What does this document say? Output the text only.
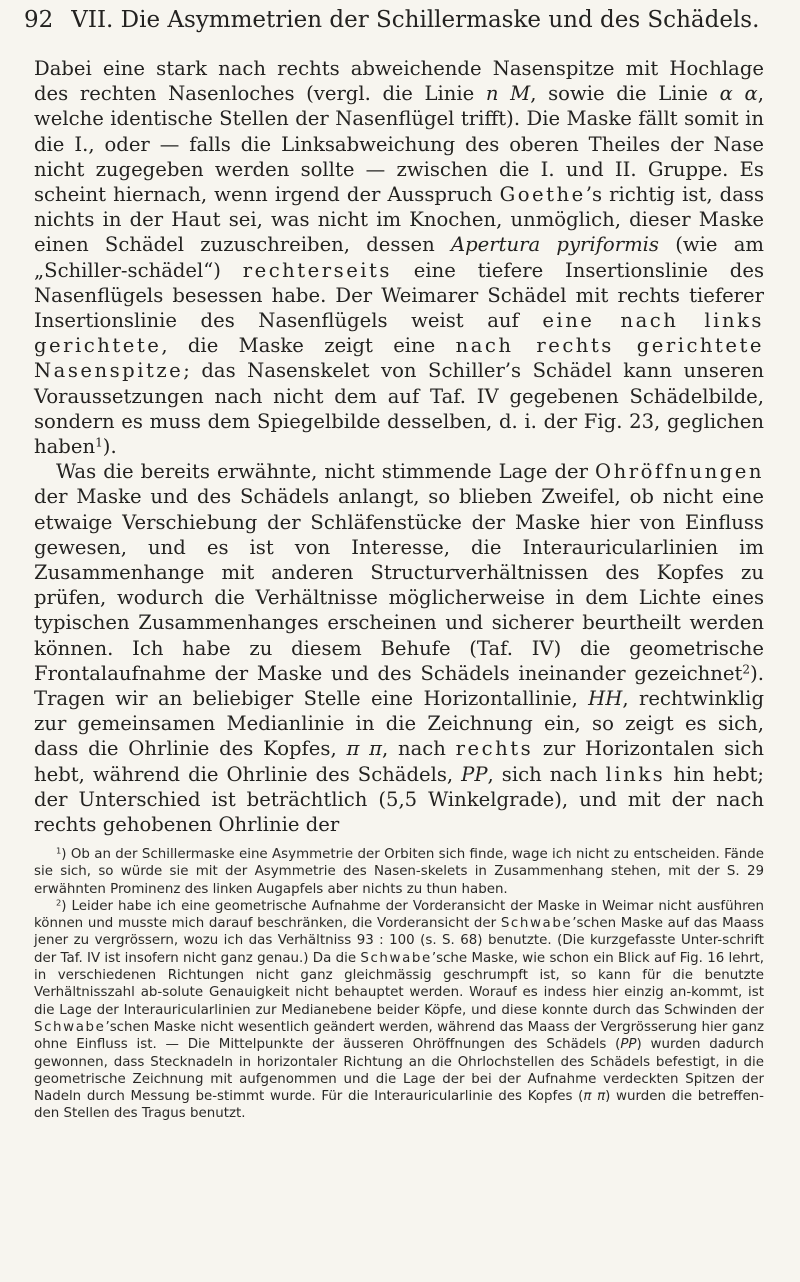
92 VII. Die Asymmetrien der Schillermaske und des Schädels.

Dabei eine stark nach rechts abweichende Nasenspitze mit Hochlage des rechten Nasenloches (vergl. die Linie n M, sowie die Linie α α, welche identische Stellen der Nasenflügel trifft). Die Maske fällt somit in die I., oder — falls die Linksabweichung des oberen Theiles der Nase nicht zugegeben werden sollte — zwischen die I. und II. Gruppe. Es scheint hiernach, wenn irgend der Ausspruch Goethe’s richtig ist, dass nichts in der Haut sei, was nicht im Knochen, unmöglich, dieser Maske einen Schädel zuzuschreiben, dessen Apertura pyriformis (wie am „Schiller-schädel“) rechterseits eine tiefere Insertionslinie des Nasenflügels besessen habe. Der Weimarer Schädel mit rechts tieferer Insertionslinie des Nasenflügels weist auf eine nach links gerichtete, die Maske zeigt eine nach rechts gerichtete Nasenspitze; das Nasenskelet von Schiller’s Schädel kann unseren Voraussetzungen nach nicht dem auf Taf. IV gegebenen Schädelbilde, sondern es muss dem Spiegelbilde desselben, d. i. der Fig. 23, geglichen haben$^1$).

Was die bereits erwähnte, nicht stimmende Lage der Ohröffnungen der Maske und des Schädels anlangt, so blieben Zweifel, ob nicht eine etwaige Verschiebung der Schläfenstücke der Maske hier von Einfluss gewesen, und es ist von Interesse, die Interauricularlinien im Zusammenhange mit anderen Structurverhältnissen des Kopfes zu prüfen, wodurch die Verhältnisse möglicherweise in dem Lichte eines typischen Zusammenhanges erscheinen und sicherer beurtheilt werden können. Ich habe zu diesem Behufe (Taf. IV) die geometrische Frontalaufnahme der Maske und des Schädels ineinander gezeichnet$^2$). Tragen wir an beliebiger Stelle eine Horizontallinie, HH, rechtwinklig zur gemeinsamen Medianlinie in die Zeichnung ein, so zeigt es sich, dass die Ohrlinie des Kopfes, π π, nach rechts zur Horizontalen sich hebt, während die Ohrlinie des Schädels, PP, sich nach links hin hebt; der Unterschied ist beträchtlich (5,5 Winkelgrade), und mit der nach rechts gehobenen Ohrlinie der

$^1$) Ob an der Schillermaske eine Asymmetrie der Orbiten sich finde, wage ich nicht zu entscheiden. Fände sie sich, so würde sie mit der Asymmetrie des Nasen-skelets in Zusammenhang stehen, mit der S. 29 erwähnten Prominenz des linken Augapfels aber nichts zu thun haben.

$^2$) Leider habe ich eine geometrische Aufnahme der Vorderansicht der Maske in Weimar nicht ausführen können und musste mich darauf beschränken, die Vorderansicht der Schwabe’schen Maske auf das Maass jener zu vergrössern, wozu ich das Verhältniss 93 : 100 (s. S. 68) benutzte. (Die kurzgefasste Unter-schrift der Taf. IV ist insofern nicht ganz genau.) Da die Schwabe’sche Maske, wie schon ein Blick auf Fig. 16 lehrt, in verschiedenen Richtungen nicht ganz gleichmässig geschrumpft ist, so kann für die benutzte Verhältnisszahl ab-solute Genauigkeit nicht behauptet werden. Worauf es indess hier einzig an-kommt, ist die Lage der Interauricularlinien zur Medianebene beider Köpfe, und diese konnte durch das Schwinden der Schwabe’schen Maske nicht wesentlich geändert werden, während das Maass der Vergrösserung hier ganz ohne Einfluss ist. — Die Mittelpunkte der äusseren Ohröffnungen des Schädels (PP) wurden dadurch gewonnen, dass Stecknadeln in horizontaler Richtung an die Ohrlochstellen des Schädels befestigt, in die geometrische Zeichnung mit aufgenommen und die Lage der bei der Aufnahme verdeckten Spitzen der Nadeln durch Messung be-stimmt wurde. Für die Interauricularlinie des Kopfes (π π) wurden die betreffen-den Stellen des Tragus benutzt.
